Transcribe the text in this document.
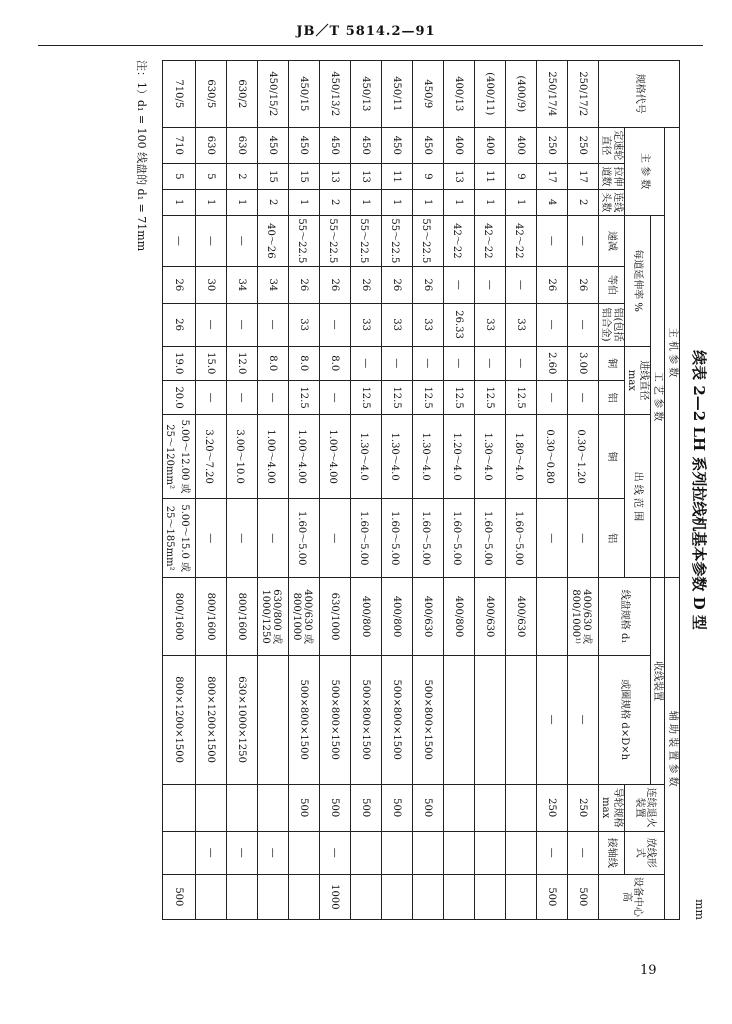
JB／T 5814.2—91
续表 2—2 LH 系列拉线机基本参数 D 型
mm
规格代号	主 机 参 数										辅 助 装 置 参 数				
	主 参 数			工 艺 参 数							收线装置		连续退火装置	放线形式	设备中心高
				每道延伸率 %			进线直径 max		出 线 范 围		线盘规格 d₁	或圈规格 d×D×h			
	定速轮直径	拉伸道数	连线头数	递减	等伯	铝(包括铝合金)	铜	铝	铜	铝			导轮规格 max	接轴线	
250/17/2	250	17	2	—	26	—	3.00	—	0.30～1.20	—	400/630 或 800/1000¹⁾	—	250	—	500
250/17/4	250	17	4	—	26	—	2.60	—	0.30～0.80	—		—	250	—	500
(400/9)	400	9	1	42～22	—	33	—	12.5	1.80～4.0	1.60～5.00	400/630				
(400/11)	400	11	1	42～22	—	33	—	12.5	1.30～4.0	1.60～5.00	400/630				
400/13	400	13	1	42～22	—	26.33	—	12.5	1.20～4.0	1.60～5.00	400/800				
450/9	450	9	1	55～22.5	26	33	—	12.5	1.30～4.0	1.60～5.00	400/630	500×800×1500	500		
450/11	450	11	1	55～22.5	26	33	—	12.5	1.30～4.0	1.60～5.00	400/800	500×800×1500	500		
450/13	450	13	1	55～22.5	26	33	—	12.5	1.30～4.0	1.60～5.00	400/800	500×800×1500	500		
450/13/2	450	13	2	55～22.5	26	—	8.0	—	1.00～4.00	—	630/1000	500×800×1500	500	—	1000
450/15	450	15	1	55～22.5	26	33	8.0	12.5	1.00～4.00	1.60～5.00	400/630 或 800/1000	500×800×1500	500		
450/15/2	450	15	2	40～26	34	—	8.0	—	1.00～4.00	—	630/800 或 1000/1250			—	
630/2	630	2	1	—	34	—	12.0	—	3.00～10.0	—	800/1600	630×1000×1250		—	
630/5	630	5	1	—	30	—	15.0	—	3.20～7.20	—	800/1600	800×1200×1500		—	
710/5	710	5	1	—	26	26	19.0	20.0	5.00～12.00 或 25～120mm²	5.00～15.0 或 25～185mm²	800/1600	800×1200×1500			500
注：1）d₁ = 100 线盘的 d₁ = 71mm
19
